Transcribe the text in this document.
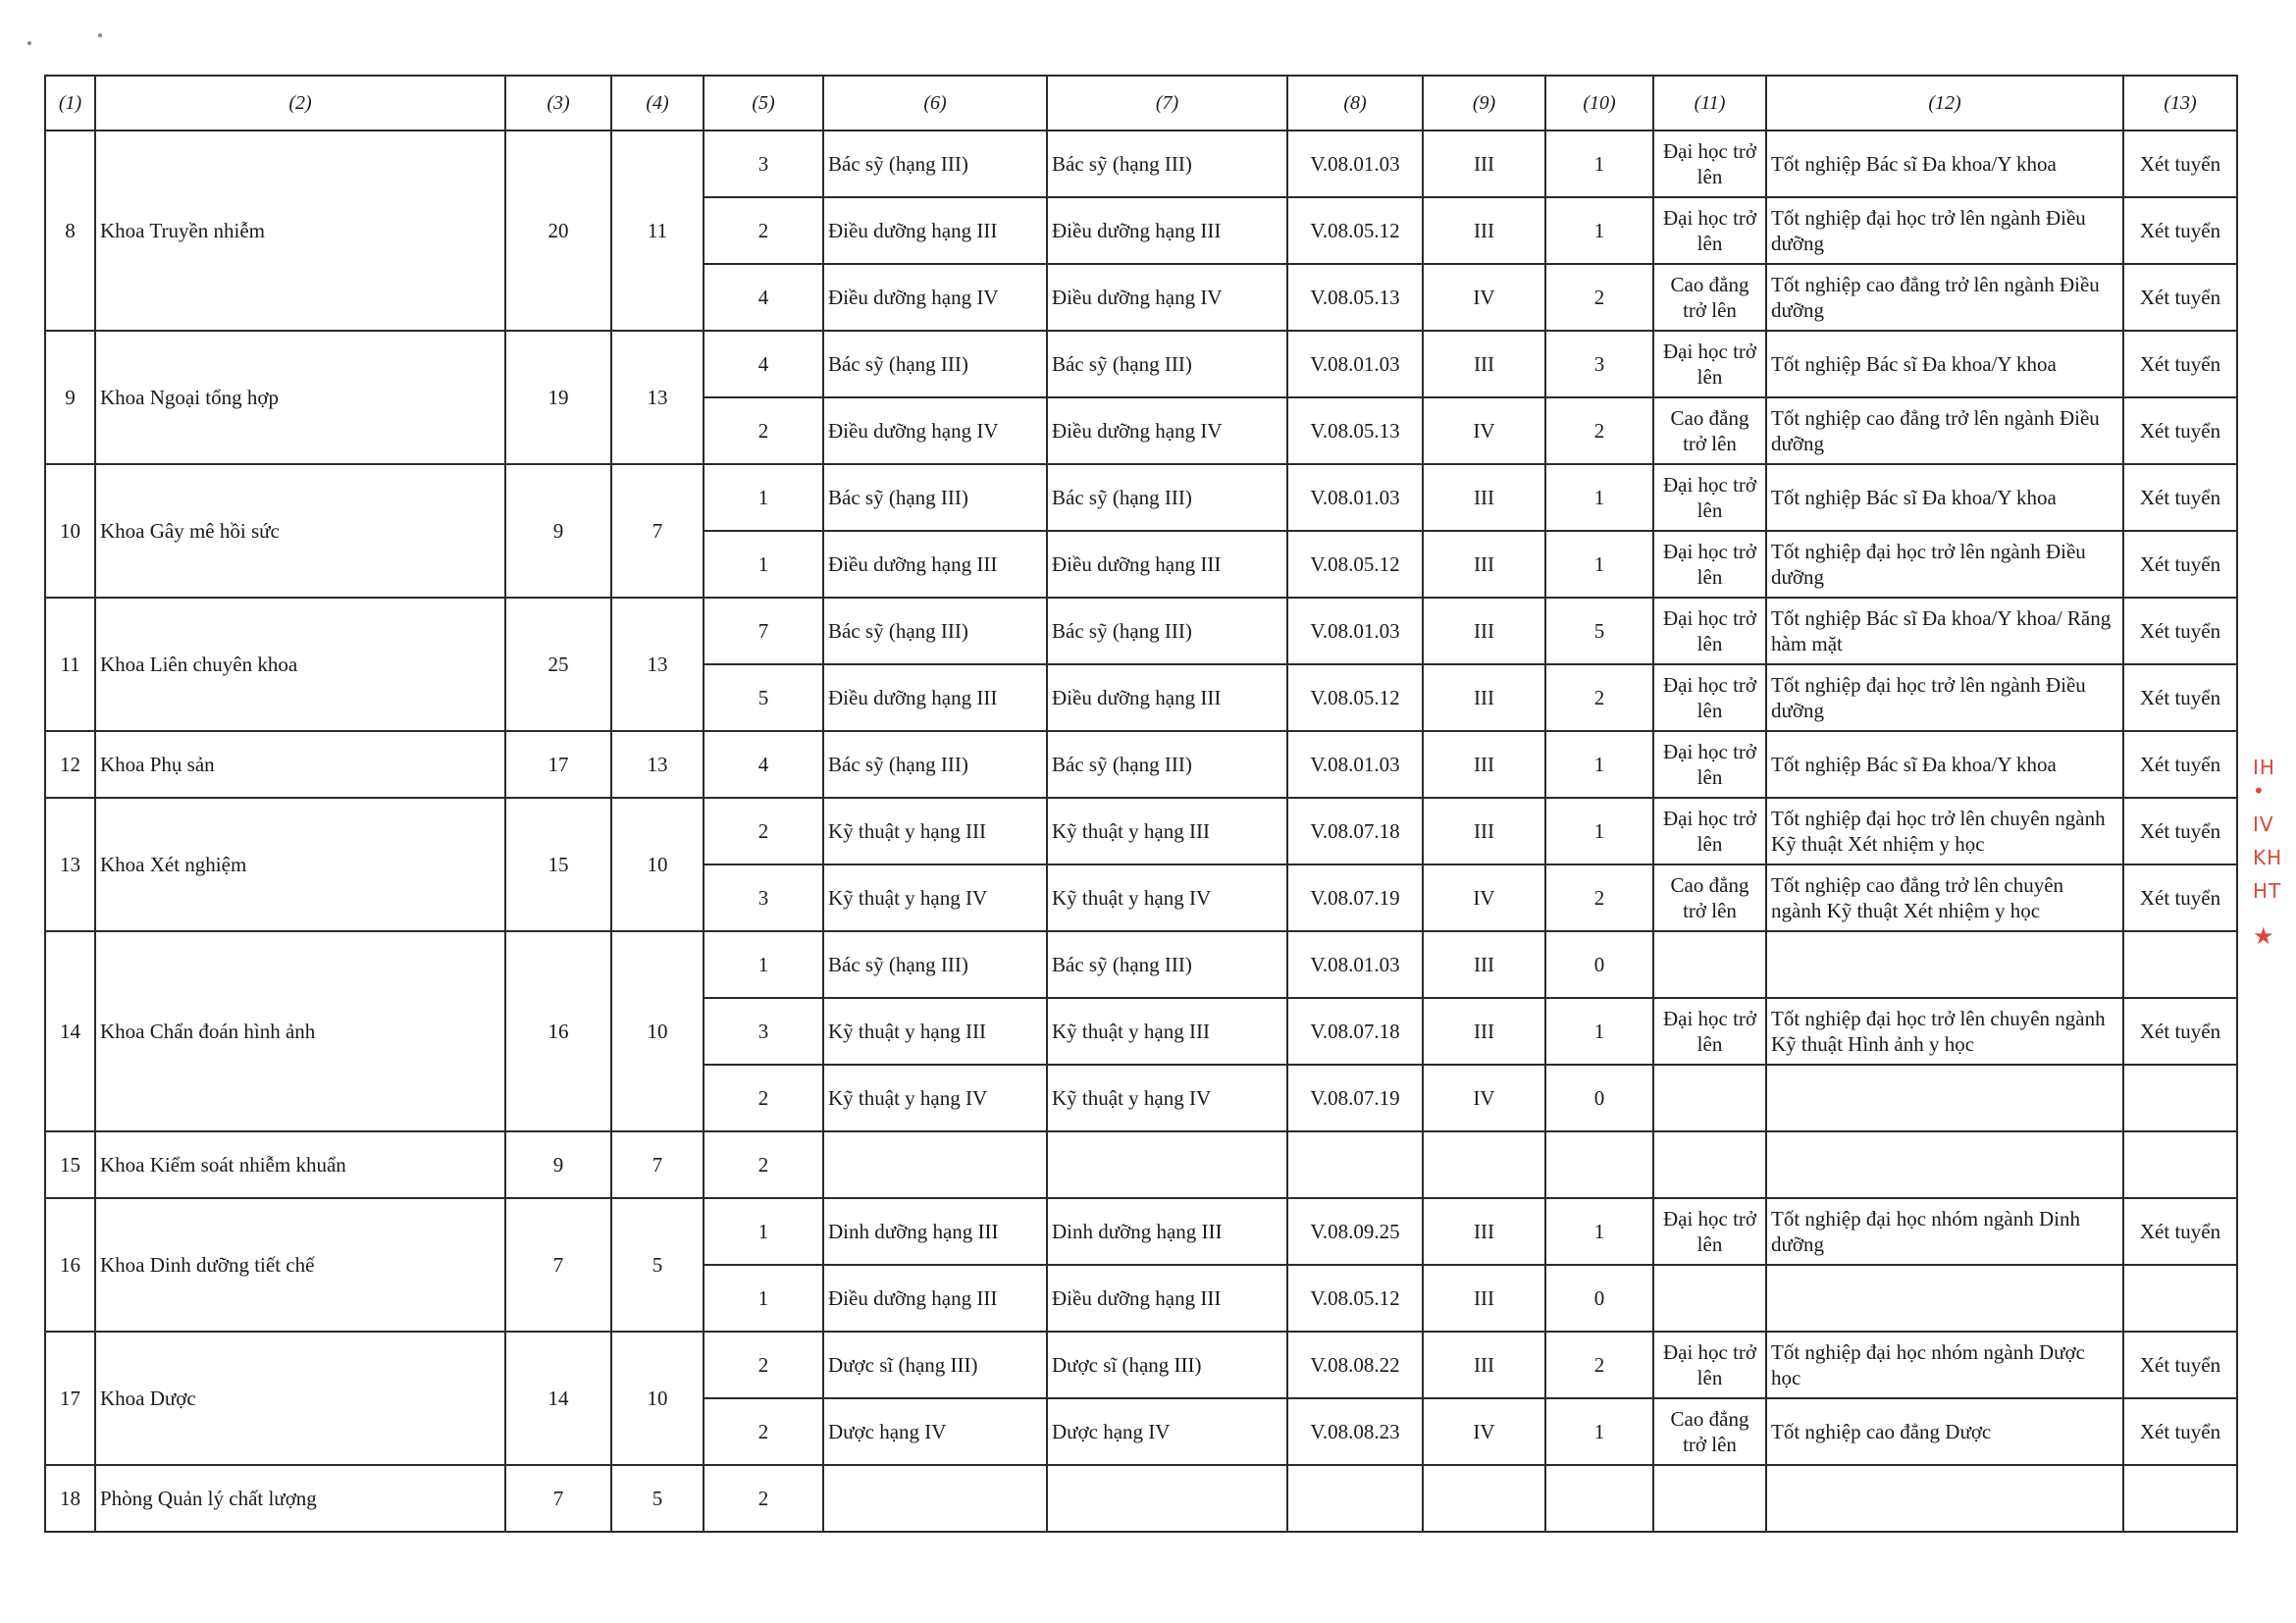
(1)	(2)	(3)	(4)	(5)	(6)	(7)	(8)	(9)	(10)	(11)	(12)	(13)
8	Khoa Truyền nhiễm	20	11	3	Bác sỹ (hạng III)	Bác sỹ (hạng III)	V.08.01.03	III	1	Đại học trở lên	Tốt nghiệp Bác sĩ Đa khoa/Y khoa	Xét tuyển
				2	Điều dưỡng hạng III	Điều dưỡng hạng III	V.08.05.12	III	1	Đại học trở lên	Tốt nghiệp đại học trở lên ngành Điều dưỡng	Xét tuyển
				4	Điều dưỡng hạng IV	Điều dưỡng hạng IV	V.08.05.13	IV	2	Cao đẳng trở lên	Tốt nghiệp cao đẳng trở lên ngành Điều dưỡng	Xét tuyển
9	Khoa Ngoại tổng hợp	19	13	4	Bác sỹ (hạng III)	Bác sỹ (hạng III)	V.08.01.03	III	3	Đại học trở lên	Tốt nghiệp Bác sĩ Đa khoa/Y khoa	Xét tuyển
				2	Điều dưỡng hạng IV	Điều dưỡng hạng IV	V.08.05.13	IV	2	Cao đẳng trở lên	Tốt nghiệp cao đẳng trở lên ngành Điều dưỡng	Xét tuyển
10	Khoa Gây mê hồi sức	9	7	1	Bác sỹ (hạng III)	Bác sỹ (hạng III)	V.08.01.03	III	1	Đại học trở lên	Tốt nghiệp Bác sĩ Đa khoa/Y khoa	Xét tuyển
				1	Điều dưỡng hạng III	Điều dưỡng hạng III	V.08.05.12	III	1	Đại học trở lên	Tốt nghiệp đại học trở lên ngành Điều dưỡng	Xét tuyển
11	Khoa Liên chuyên khoa	25	13	7	Bác sỹ (hạng III)	Bác sỹ (hạng III)	V.08.01.03	III	5	Đại học trở lên	Tốt nghiệp Bác sĩ Đa khoa/Y khoa/ Răng hàm mặt	Xét tuyển
				5	Điều dưỡng hạng III	Điều dưỡng hạng III	V.08.05.12	III	2	Đại học trở lên	Tốt nghiệp đại học trở lên ngành Điều dưỡng	Xét tuyển
12	Khoa Phụ sản	17	13	4	Bác sỹ (hạng III)	Bác sỹ (hạng III)	V.08.01.03	III	1	Đại học trở lên	Tốt nghiệp Bác sĩ Đa khoa/Y khoa	Xét tuyển
13	Khoa Xét nghiệm	15	10	2	Kỹ thuật y hạng III	Kỹ thuật y hạng III	V.08.07.18	III	1	Đại học trở lên	Tốt nghiệp đại học trở lên chuyên ngành Kỹ thuật Xét nhiệm y học	Xét tuyển
				3	Kỹ thuật y hạng IV	Kỹ thuật y hạng IV	V.08.07.19	IV	2	Cao đẳng trở lên	Tốt nghiệp cao đẳng trở lên chuyên ngành Kỹ thuật Xét nhiệm y học	Xét tuyển
14	Khoa Chẩn đoán hình ảnh	16	10	1	Bác sỹ (hạng III)	Bác sỹ (hạng III)	V.08.01.03	III	0			
				3	Kỹ thuật y hạng III	Kỹ thuật y hạng III	V.08.07.18	III	1	Đại học trở lên	Tốt nghiệp đại học trở lên chuyên ngành Kỹ thuật Hình ảnh y học	Xét tuyển
				2	Kỹ thuật y hạng IV	Kỹ thuật y hạng IV	V.08.07.19	IV	0			
15	Khoa Kiểm soát nhiễm khuẩn	9	7	2								
16	Khoa Dinh dưỡng tiết chế	7	5	1	Dinh dưỡng hạng III	Dinh dưỡng hạng III	V.08.09.25	III	1	Đại học trở lên	Tốt nghiệp đại học nhóm ngành Dinh dưỡng	Xét tuyển
				1	Điều dưỡng hạng III	Điều dưỡng hạng III	V.08.05.12	III	0			
17	Khoa Dược	14	10	2	Dược sĩ (hạng III)	Dược sĩ (hạng III)	V.08.08.22	III	2	Đại học trở lên	Tốt nghiệp đại học nhóm ngành Dược học	Xét tuyển
				2	Dược hạng IV	Dược hạng IV	V.08.08.23	IV	1	Cao đẳng trở lên	Tốt nghiệp cao đẳng Dược	Xét tuyển
18	Phòng Quản lý chất lượng	7	5	2								
IH •
IV
KH
HT
★
